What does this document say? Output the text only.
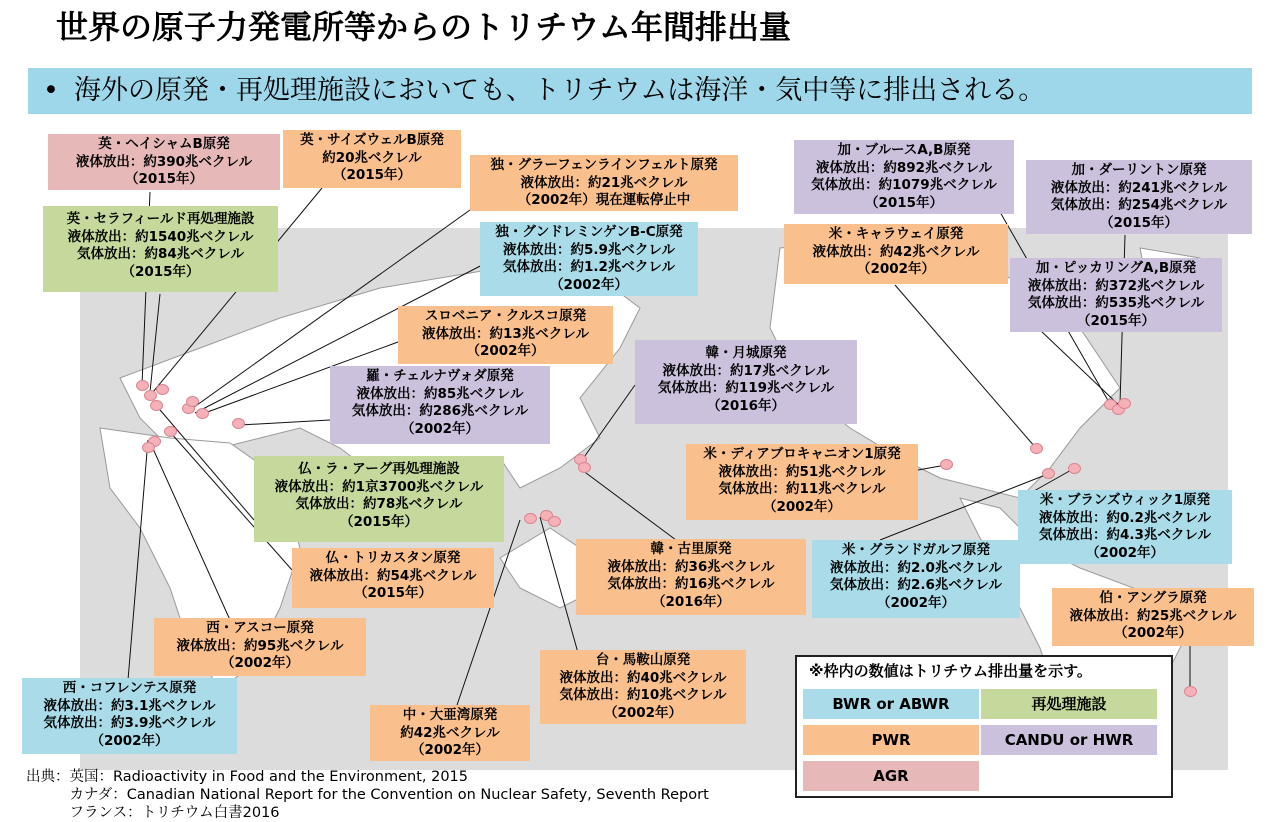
世界の原子力発電所等からのトリチウム年間排出量
• 海外の原発・再処理施設においても、トリチウムは海洋・気中等に排出される。
英・ヘイシャムB原発
液体放出：約390兆ベクレル
（2015年）
英・サイズウェルB原発
約20兆ベクレル
（2015年）
独・グラーフェンラインフェルト原発
液体放出：約21兆ベクレル
（2002年）現在運転停止中
英・セラフィールド再処理施設
液体放出：約1540兆ベクレル
気体放出：約84兆ベクレル
（2015年）
独・グンドレミンゲンB-C原発
液体放出：約5.9兆ベクレル
気体放出：約1.2兆ベクレル
（2002年）
スロベニア・クルスコ原発
液体放出：約13兆ベクレル
（2002年）
羅・チェルナヴォダ原発
液体放出：約85兆ベクレル
気体放出：約286兆ベクレル
（2002年）
仏・ラ・アーグ再処理施設
液体放出：約1京3700兆ベクレル
気体放出：約78兆ベクレル
（2015年）
仏・トリカスタン原発
液体放出：約54兆ベクレル
（2015年）
西・アスコー原発
液体放出：約95兆ベクレル
（2002年）
西・コフレンテス原発
液体放出：約3.1兆ベクレル
気体放出：約3.9兆ベクレル
（2002年）
中・大亜湾原発
約42兆ベクレル
（2002年）
台・馬鞍山原発
液体放出：約40兆ベクレル
気体放出：約10兆ベクレル
（2002年）
韓・古里原発
液体放出：約36兆ベクレル
気体放出：約16兆ベクレル
（2016年）
韓・月城原発
液体放出：約17兆ベクレル
気体放出：約119兆ベクレル
（2016年）
米・ディアブロキャニオン1原発
液体放出：約51兆ベクレル
気体放出：約11兆ベクレル
（2002年）
米・グランドガルフ原発
液体放出：約2.0兆ベクレル
気体放出：約2.6兆ベクレル
（2002年）
米・ブランズウィック1原発
液体放出：約0.2兆ベクレル
気体放出：約4.3兆ベクレル
（2002年）
伯・アングラ原発
液体放出：約25兆ベクレル
（2002年）
米・キャラウェイ原発
液体放出：約42兆ベクレル
（2002年）
加・ブルースA,B原発
液体放出：約892兆ベクレル
気体放出：約1079兆ベクレル
（2015年）
加・ダーリントン原発
液体放出：約241兆ベクレル
気体放出：約254兆ベクレル
（2015年）
加・ピッカリングA,B原発
液体放出：約372兆ベクレル
気体放出：約535兆ベクレル
（2015年）
※枠内の数値はトリチウム排出量を示す。
BWR or ABWR	再処理施設
PWR	CANDU or HWR
AGR
出典：英国：Radioactivity in Food and the Environment, 2015
　　　カナダ：Canadian National Report for the Convention on Nuclear Safety, Seventh Report
　　　フランス：トリチウム白書2016
